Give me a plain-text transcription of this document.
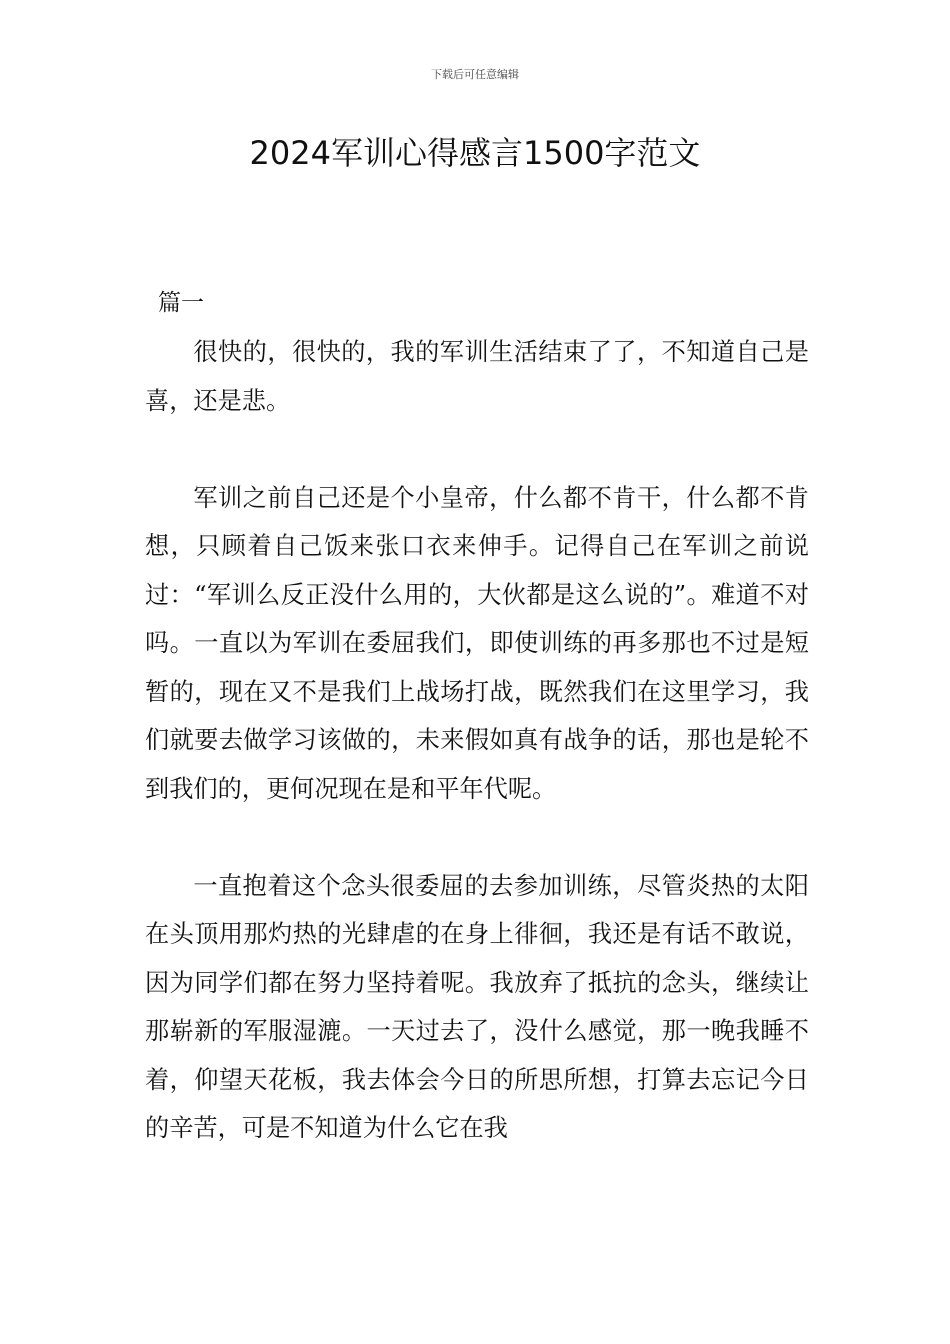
下载后可任意编辑
2024军训心得感言1500字范文
篇一

很快的，很快的，我的军训生活结束了了，不知道自己是喜，还是悲。

军训之前自己还是个小皇帝，什么都不肯干，什么都不肯想，只顾着自己饭来张口衣来伸手。记得自己在军训之前说过：“军训么反正没什么用的，大伙都是这么说的”。难道不对吗。一直以为军训在委屈我们，即使训练的再多那也不过是短暂的，现在又不是我们上战场打战，既然我们在这里学习，我们就要去做学习该做的，未来假如真有战争的话，那也是轮不到我们的，更何况现在是和平年代呢。

一直抱着这个念头很委屈的去参加训练，尽管炎热的太阳在头顶用那灼热的光肆虐的在身上徘徊，我还是有话不敢说，因为同学们都在努力坚持着呢。我放弃了抵抗的念头，继续让那崭新的军服湿漉。一天过去了，没什么感觉，那一晚我睡不着，仰望天花板，我去体会今日的所思所想，打算去忘记今日的辛苦，可是不知道为什么它在我
